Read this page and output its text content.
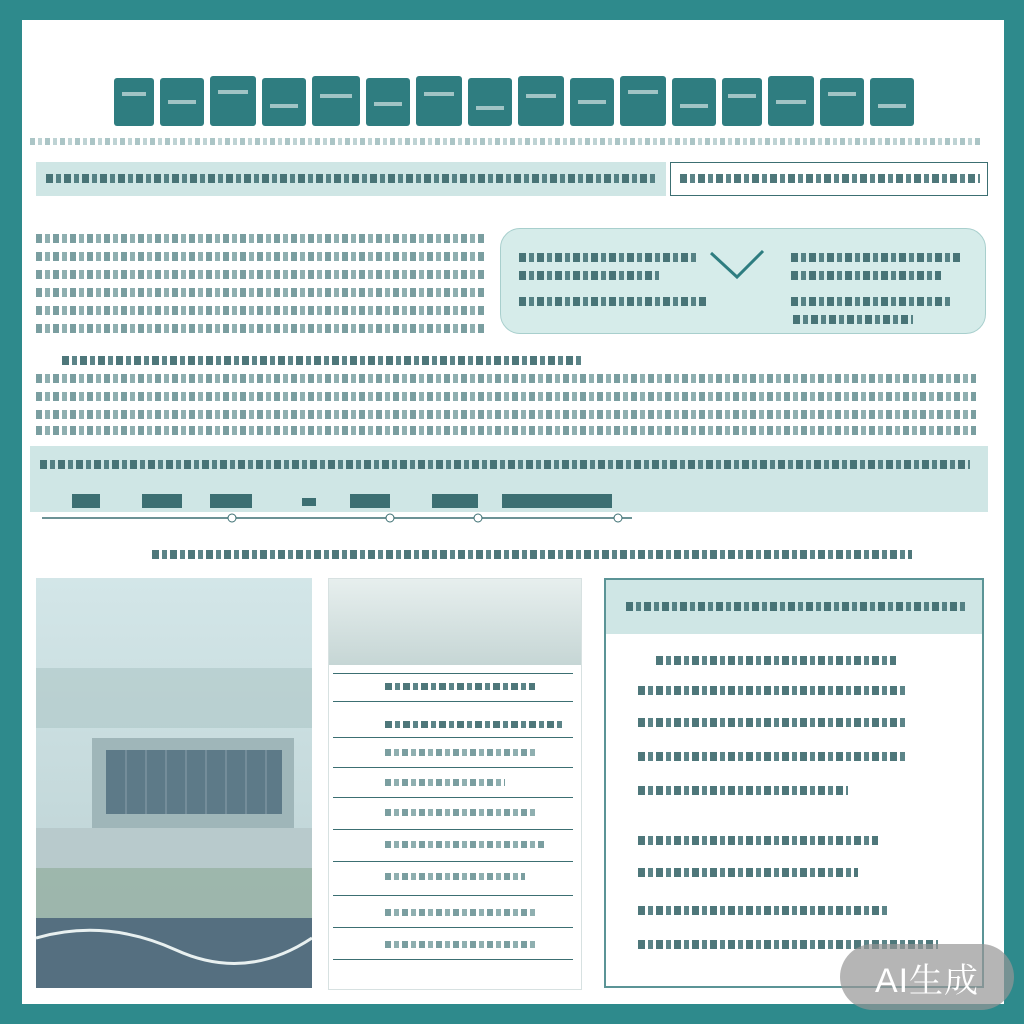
AI生成
